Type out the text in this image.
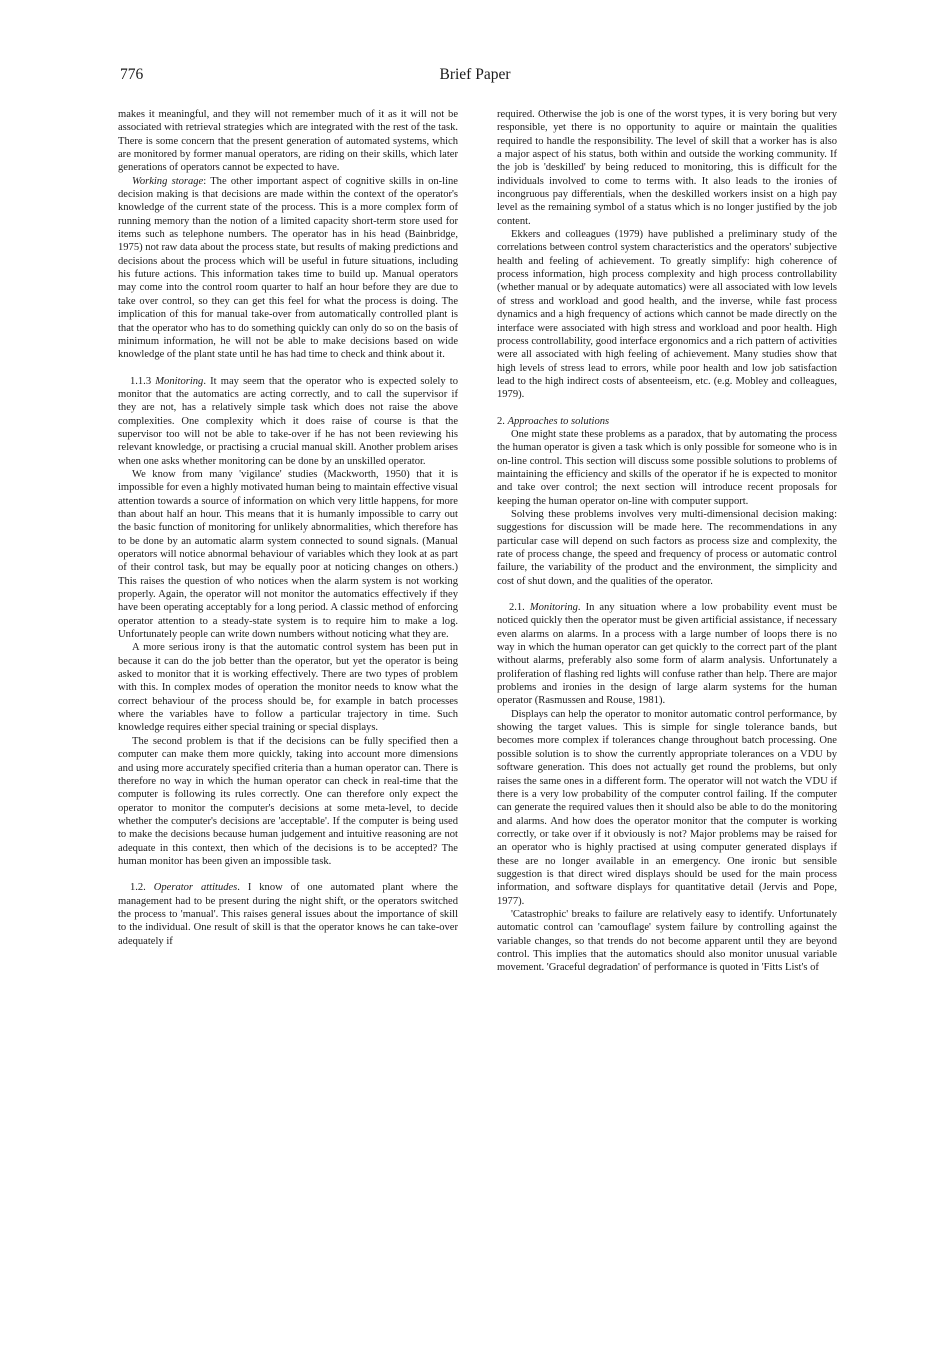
776	Brief Paper

makes it meaningful, and they will not remember much of it as it will not be associated with retrieval strategies which are integrated with the rest of the task. There is some concern that the present generation of automated systems, which are monitored by former manual operators, are riding on their skills, which later generations of operators cannot be expected to have.

Working storage: The other important aspect of cognitive skills in on-line decision making is that decisions are made within the context of the operator's knowledge of the current state of the process. This is a more complex form of running memory than the notion of a limited capacity short-term store used for items such as telephone numbers. The operator has in his head (Bainbridge, 1975) not raw data about the process state, but results of making predictions and decisions about the process which will be useful in future situations, including his future actions. This information takes time to build up. Manual operators may come into the control room quarter to half an hour before they are due to take over control, so they can get this feel for what the process is doing. The implication of this for manual take-over from automatically controlled plant is that the operator who has to do something quickly can only do so on the basis of minimum information, he will not be able to make decisions based on wide knowledge of the plant state until he has had time to check and think about it.

1.1.3 Monitoring. It may seem that the operator who is expected solely to monitor that the automatics are acting correctly, and to call the supervisor if they are not, has a relatively simple task which does not raise the above complexities. One complexity which it does raise of course is that the supervisor too will not be able to take-over if he has not been reviewing his relevant knowledge, or practising a crucial manual skill. Another problem arises when one asks whether monitoring can be done by an unskilled operator.

We know from many 'vigilance' studies (Mackworth, 1950) that it is impossible for even a highly motivated human being to maintain effective visual attention towards a source of information on which very little happens, for more than about half an hour. This means that it is humanly impossible to carry out the basic function of monitoring for unlikely abnormalities, which therefore has to be done by an automatic alarm system connected to sound signals. (Manual operators will notice abnormal behaviour of variables which they look at as part of their control task, but may be equally poor at noticing changes on others.) This raises the question of who notices when the alarm system is not working properly. Again, the operator will not monitor the automatics effectively if they have been operating acceptably for a long period. A classic method of enforcing operator attention to a steady-state system is to require him to make a log. Unfortunately people can write down numbers without noticing what they are.

A more serious irony is that the automatic control system has been put in because it can do the job better than the operator, but yet the operator is being asked to monitor that it is working effectively. There are two types of problem with this. In complex modes of operation the monitor needs to know what the correct behaviour of the process should be, for example in batch processes where the variables have to follow a particular trajectory in time. Such knowledge requires either special training or special displays.

The second problem is that if the decisions can be fully specified then a computer can make them more quickly, taking into account more dimensions and using more accurately specified criteria than a human operator can. There is therefore no way in which the human operator can check in real-time that the computer is following its rules correctly. One can therefore only expect the operator to monitor the computer's decisions at some meta-level, to decide whether the computer's decisions are 'acceptable'. If the computer is being used to make the decisions because human judgement and intuitive reasoning are not adequate in this context, then which of the decisions is to be accepted? The human monitor has been given an impossible task.

1.2. Operator attitudes. I know of one automated plant where the management had to be present during the night shift, or the operators switched the process to 'manual'. This raises general issues about the importance of skill to the individual. One result of skill is that the operator knows he can take-over adequately if

required. Otherwise the job is one of the worst types, it is very boring but very responsible, yet there is no opportunity to aquire or maintain the qualities required to handle the responsibility. The level of skill that a worker has is also a major aspect of his status, both within and outside the working community. If the job is 'deskilled' by being reduced to monitoring, this is difficult for the individuals involved to come to terms with. It also leads to the ironies of incongruous pay differentials, when the deskilled workers insist on a high pay level as the remaining symbol of a status which is no longer justified by the job content.

Ekkers and colleagues (1979) have published a preliminary study of the correlations between control system characteristics and the operators' subjective health and feeling of achievement. To greatly simplify: high coherence of process information, high process complexity and high process controllability (whether manual or by adequate automatics) were all associated with low levels of stress and workload and good health, and the inverse, while fast process dynamics and a high frequency of actions which cannot be made directly on the interface were associated with high stress and workload and poor health. High process controllability, good interface ergonomics and a rich pattern of activities were all associated with high feeling of achievement. Many studies show that high levels of stress lead to errors, while poor health and low job satisfaction lead to the high indirect costs of absenteeism, etc. (e.g. Mobley and colleagues, 1979).

2. Approaches to solutions

One might state these problems as a paradox, that by automating the process the human operator is given a task which is only possible for someone who is in on-line control. This section will discuss some possible solutions to problems of maintaining the efficiency and skills of the operator if he is expected to monitor and take over control; the next section will introduce recent proposals for keeping the human operator on-line with computer support.

Solving these problems involves very multi-dimensional decision making: suggestions for discussion will be made here. The recommendations in any particular case will depend on such factors as process size and complexity, the rate of process change, the speed and frequency of process or automatic control failure, the variability of the product and the environment, the simplicity and cost of shut down, and the qualities of the operator.

2.1. Monitoring. In any situation where a low probability event must be noticed quickly then the operator must be given artificial assistance, if necessary even alarms on alarms. In a process with a large number of loops there is no way in which the human operator can get quickly to the correct part of the plant without alarms, preferably also some form of alarm analysis. Unfortunately a proliferation of flashing red lights will confuse rather than help. There are major problems and ironies in the design of large alarm systems for the human operator (Rasmussen and Rouse, 1981).

Displays can help the operator to monitor automatic control performance, by showing the target values. This is simple for single tolerance bands, but becomes more complex if tolerances change throughout batch processing. One possible solution is to show the currently appropriate tolerances on a VDU by software generation. This does not actually get round the problems, but only raises the same ones in a different form. The operator will not watch the VDU if there is a very low probability of the computer control failing. If the computer can generate the required values then it should also be able to do the monitoring and alarms. And how does the operator monitor that the computer is working correctly, or take over if it obviously is not? Major problems may be raised for an operator who is highly practised at using computer generated displays if these are no longer available in an emergency. One ironic but sensible suggestion is that direct wired displays should be used for the main process information, and software displays for quantitative detail (Jervis and Pope, 1977).

'Catastrophic' breaks to failure are relatively easy to identify. Unfortunately automatic control can 'camouflage' system failure by controlling against the variable changes, so that trends do not become apparent until they are beyond control. This implies that the automatics should also monitor unusual variable movement. 'Graceful degradation' of performance is quoted in 'Fitts List's of
